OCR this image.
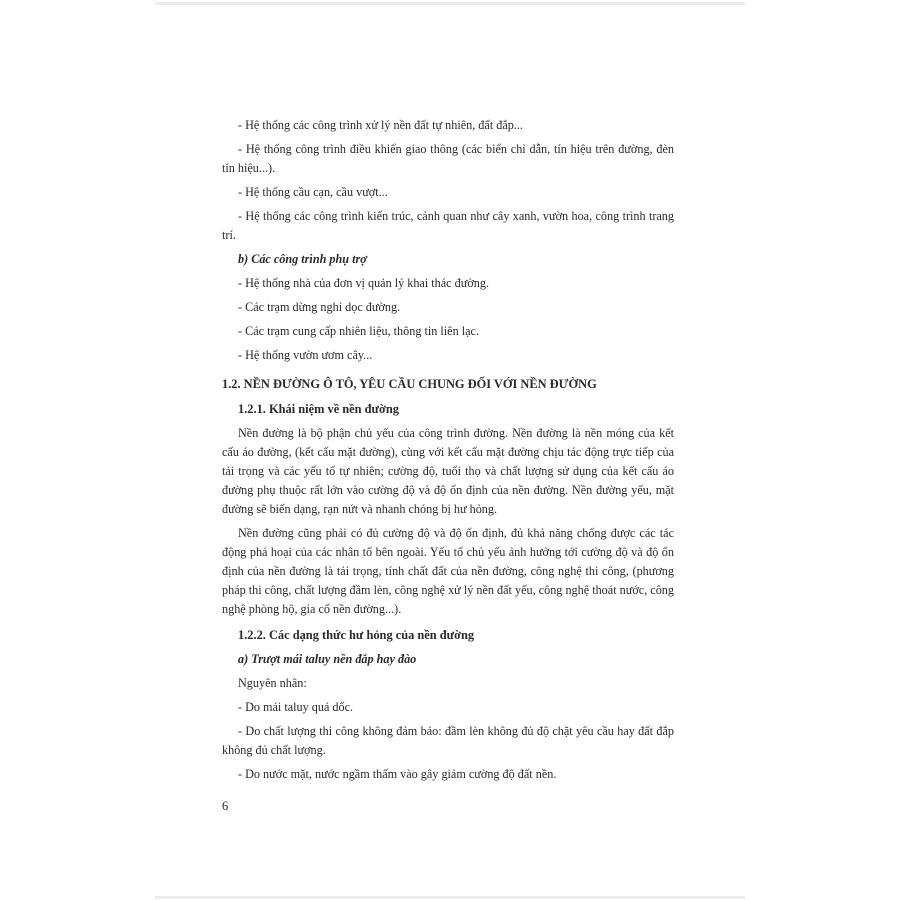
- Hệ thống các công trình xử lý nền đất tự nhiên, đất đắp...

- Hệ thống công trình điều khiển giao thông (các biển chỉ dẫn, tín hiệu trên đường, đèn tín hiệu...).

- Hệ thống cầu cạn, cầu vượt...

- Hệ thống các công trình kiến trúc, cảnh quan như cây xanh, vườn hoa, công trình trang trí.

b) Các công trình phụ trợ

- Hệ thống nhà của đơn vị quản lý khai thác đường.

- Các trạm dừng nghỉ dọc đường.

- Các trạm cung cấp nhiên liệu, thông tin liên lạc.

- Hệ thống vườn ươm cây...

1.2. NỀN ĐƯỜNG Ô TÔ, YÊU CẦU CHUNG ĐỐI VỚI NỀN ĐƯỜNG

1.2.1. Khái niệm về nền đường

Nền đường là bộ phận chủ yếu của công trình đường. Nền đường là nền móng của kết cấu áo đường, (kết cấu mặt đường), cùng với kết cấu mặt đường chịu tác động trực tiếp của tải trọng và các yếu tố tự nhiên; cường độ, tuổi thọ và chất lượng sử dụng của kết cấu áo đường phụ thuộc rất lớn vào cường độ và độ ổn định của nền đường. Nền đường yếu, mặt đường sẽ biến dạng, rạn nứt và nhanh chóng bị hư hỏng.

Nền đường cũng phải có đủ cường độ và độ ổn định, đủ khả năng chống được các tác động phá hoại của các nhân tố bên ngoài. Yếu tố chủ yếu ảnh hưởng tới cường độ và độ ổn định của nền đường là tải trọng, tính chất đất của nền đường, công nghệ thi công, (phương pháp thi công, chất lượng đầm lèn, công nghệ xử lý nền đất yếu, công nghệ thoát nước, công nghệ phòng hộ, gia cố nền đường...).

1.2.2. Các dạng thức hư hỏng của nền đường

a) Trượt mái taluy nền đắp hay đào

Nguyên nhân:

- Do mái taluy quá dốc.

- Do chất lượng thi công không đảm bảo: đầm lèn không đủ độ chặt yêu cầu hay đất đắp không đủ chất lượng.

- Do nước mặt, nước ngầm thấm vào gây giảm cường độ đất nền.

6
